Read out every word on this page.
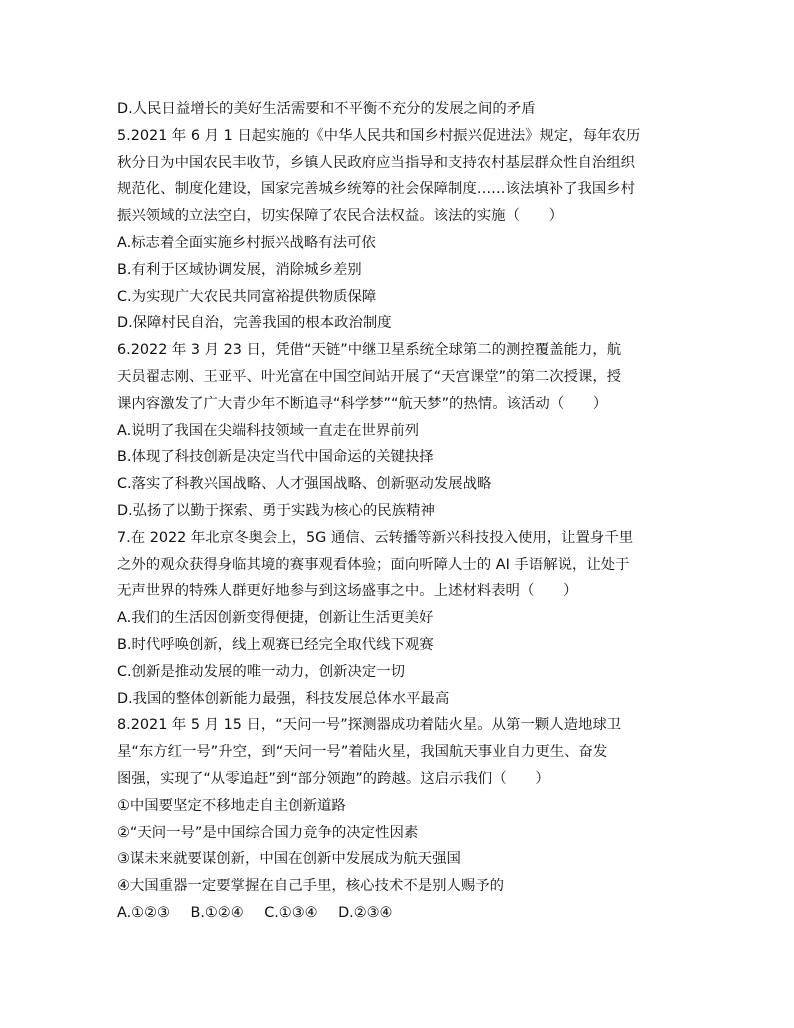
D.人民日益增长的美好生活需要和不平衡不充分的发展之间的矛盾
5.2021 年 6 月 1 日起实施的《中华人民共和国乡村振兴促进法》规定，每年农历
秋分日为中国农民丰收节，乡镇人民政府应当指导和支持农村基层群众性自治组织
规范化、制度化建设，国家完善城乡统筹的社会保障制度……该法填补了我国乡村
振兴领域的立法空白，切实保障了农民合法权益。该法的实施（　　）
A.标志着全面实施乡村振兴战略有法可依
B.有利于区域协调发展，消除城乡差别
C.为实现广大农民共同富裕提供物质保障
D.保障村民自治，完善我国的根本政治制度
6.2022 年 3 月 23 日，凭借“天链”中继卫星系统全球第二的测控覆盖能力，航
天员翟志刚、王亚平、叶光富在中国空间站开展了“天宫课堂”的第二次授课，授
课内容激发了广大青少年不断追寻“科学梦”“航天梦”的热情。该活动（　　）
A.说明了我国在尖端科技领域一直走在世界前列
B.体现了科技创新是决定当代中国命运的关键抉择
C.落实了科教兴国战略、人才强国战略、创新驱动发展战略
D.弘扬了以勤于探索、勇于实践为核心的民族精神
7.在 2022 年北京冬奥会上，5G 通信、云转播等新兴科技投入使用，让置身千里
之外的观众获得身临其境的赛事观看体验；面向听障人士的 AI 手语解说，让处于
无声世界的特殊人群更好地参与到这场盛事之中。上述材料表明（　　）
A.我们的生活因创新变得便捷，创新让生活更美好
B.时代呼唤创新，线上观赛已经完全取代线下观赛
C.创新是推动发展的唯一动力，创新决定一切
D.我国的整体创新能力最强，科技发展总体水平最高
8.2021 年 5 月 15 日，“天问一号”探测器成功着陆火星。从第一颗人造地球卫
星“东方红一号”升空，到“天问一号”着陆火星，我国航天事业自力更生、奋发
图强，实现了“从零追赶”到“部分领跑”的跨越。这启示我们（　　）
①中国要坚定不移地走自主创新道路
②“天问一号”是中国综合国力竞争的决定性因素
③谋未来就要谋创新，中国在创新中发展成为航天强国
④大国重器一定要掌握在自己手里，核心技术不是别人赐予的
A.①②③ B.①②④ C.①③④ D.②③④
